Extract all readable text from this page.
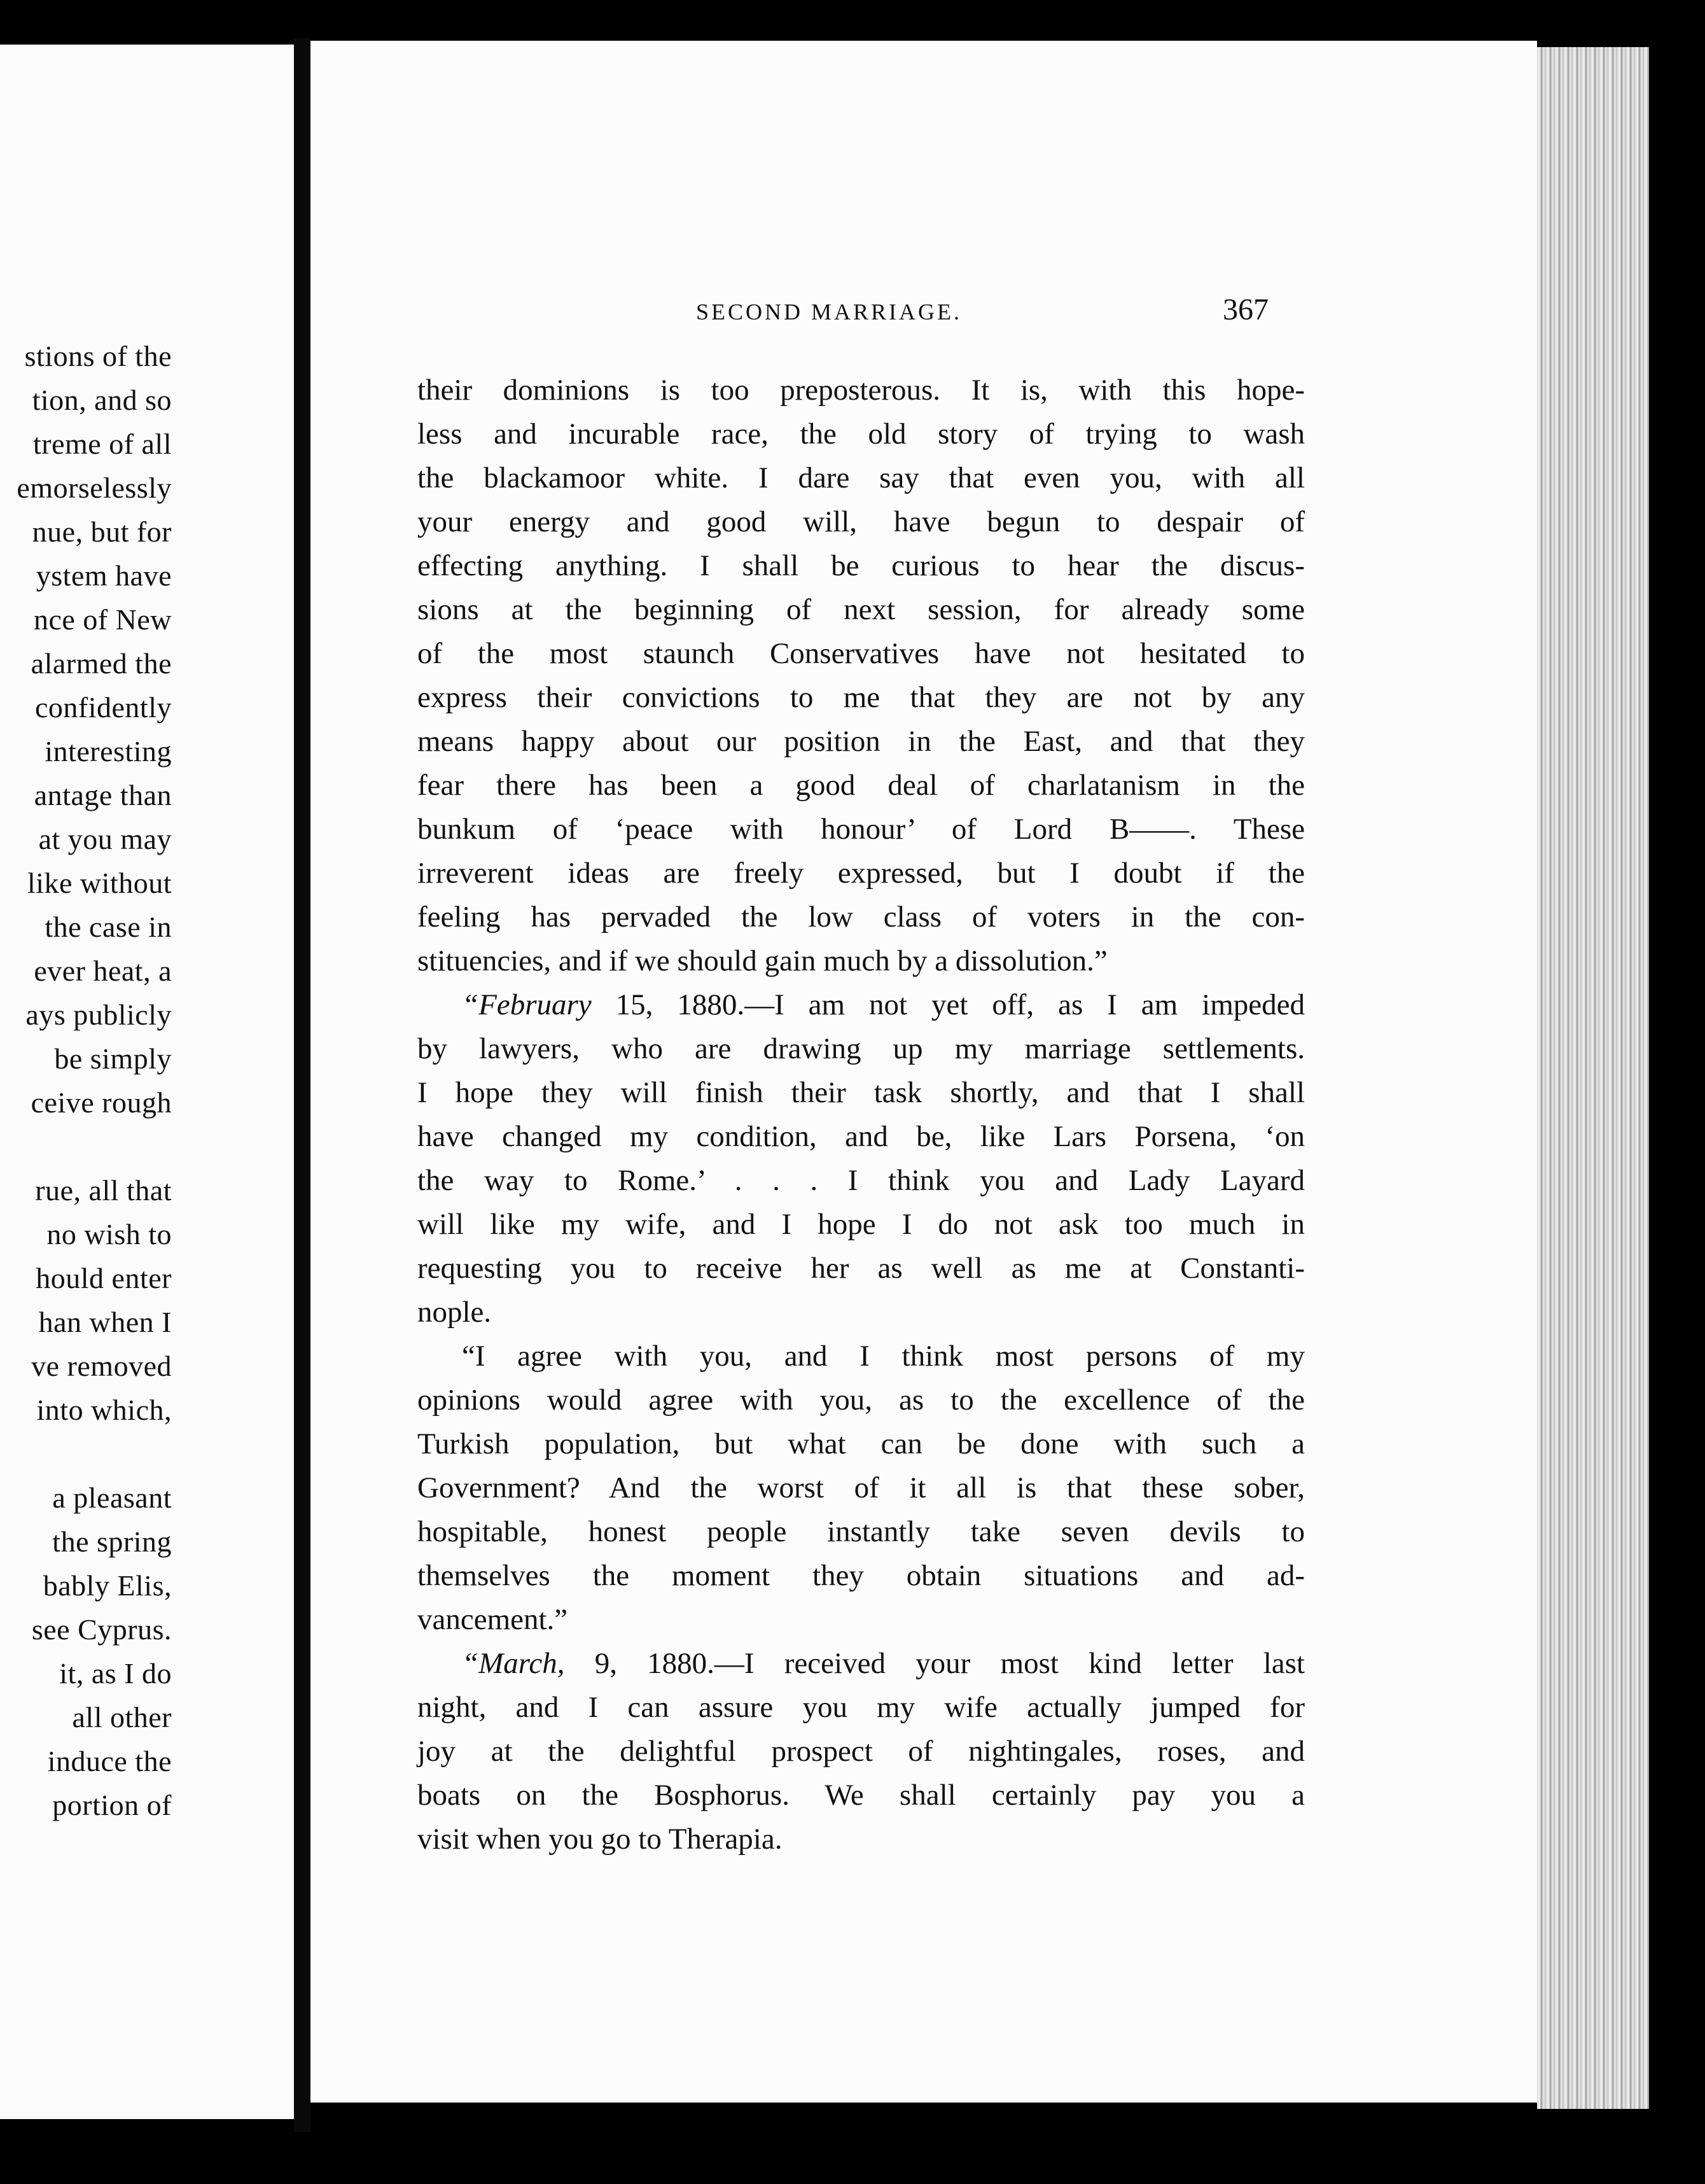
stions of the
tion, and so
treme of all
emorselessly
nue, but for
ystem have
nce of New
alarmed the
confidently
interesting
antage than
at you may
like without
the case in
ever heat, a
ays publicly
be simply
ceive rough
rue, all that
no wish to
hould enter
han when I
ve removed
into which,
a pleasant
the spring
bably Elis,
see Cyprus.
it, as I do
all other
induce the
portion of
SECOND MARRIAGE.	367
their dominions is too preposterous. It is, with this hope-
less and incurable race, the old story of trying to wash
the blackamoor white. I dare say that even you, with all
your energy and good will, have begun to despair of
effecting anything. I shall be curious to hear the discus-
sions at the beginning of next session, for already some
of the most staunch Conservatives have not hesitated to
express their convictions to me that they are not by any
means happy about our position in the East, and that they
fear there has been a good deal of charlatanism in the
bunkum of ‘peace with honour’ of Lord B——. These
irreverent ideas are freely expressed, but I doubt if the
feeling has pervaded the low class of voters in the con-
stituencies, and if we should gain much by a dissolution.”
“February 15, 1880.—I am not yet off, as I am impeded
by lawyers, who are drawing up my marriage settlements.
I hope they will finish their task shortly, and that I shall
have changed my condition, and be, like Lars Porsena, ‘on
the way to Rome.’ . . . I think you and Lady Layard
will like my wife, and I hope I do not ask too much in
requesting you to receive her as well as me at Constanti-
nople.
“I agree with you, and I think most persons of my
opinions would agree with you, as to the excellence of the
Turkish population, but what can be done with such a
Government? And the worst of it all is that these sober,
hospitable, honest people instantly take seven devils to
themselves the moment they obtain situations and ad-
vancement.”
“March, 9, 1880.—I received your most kind letter last
night, and I can assure you my wife actually jumped for
joy at the delightful prospect of nightingales, roses, and
boats on the Bosphorus. We shall certainly pay you a
visit when you go to Therapia.
